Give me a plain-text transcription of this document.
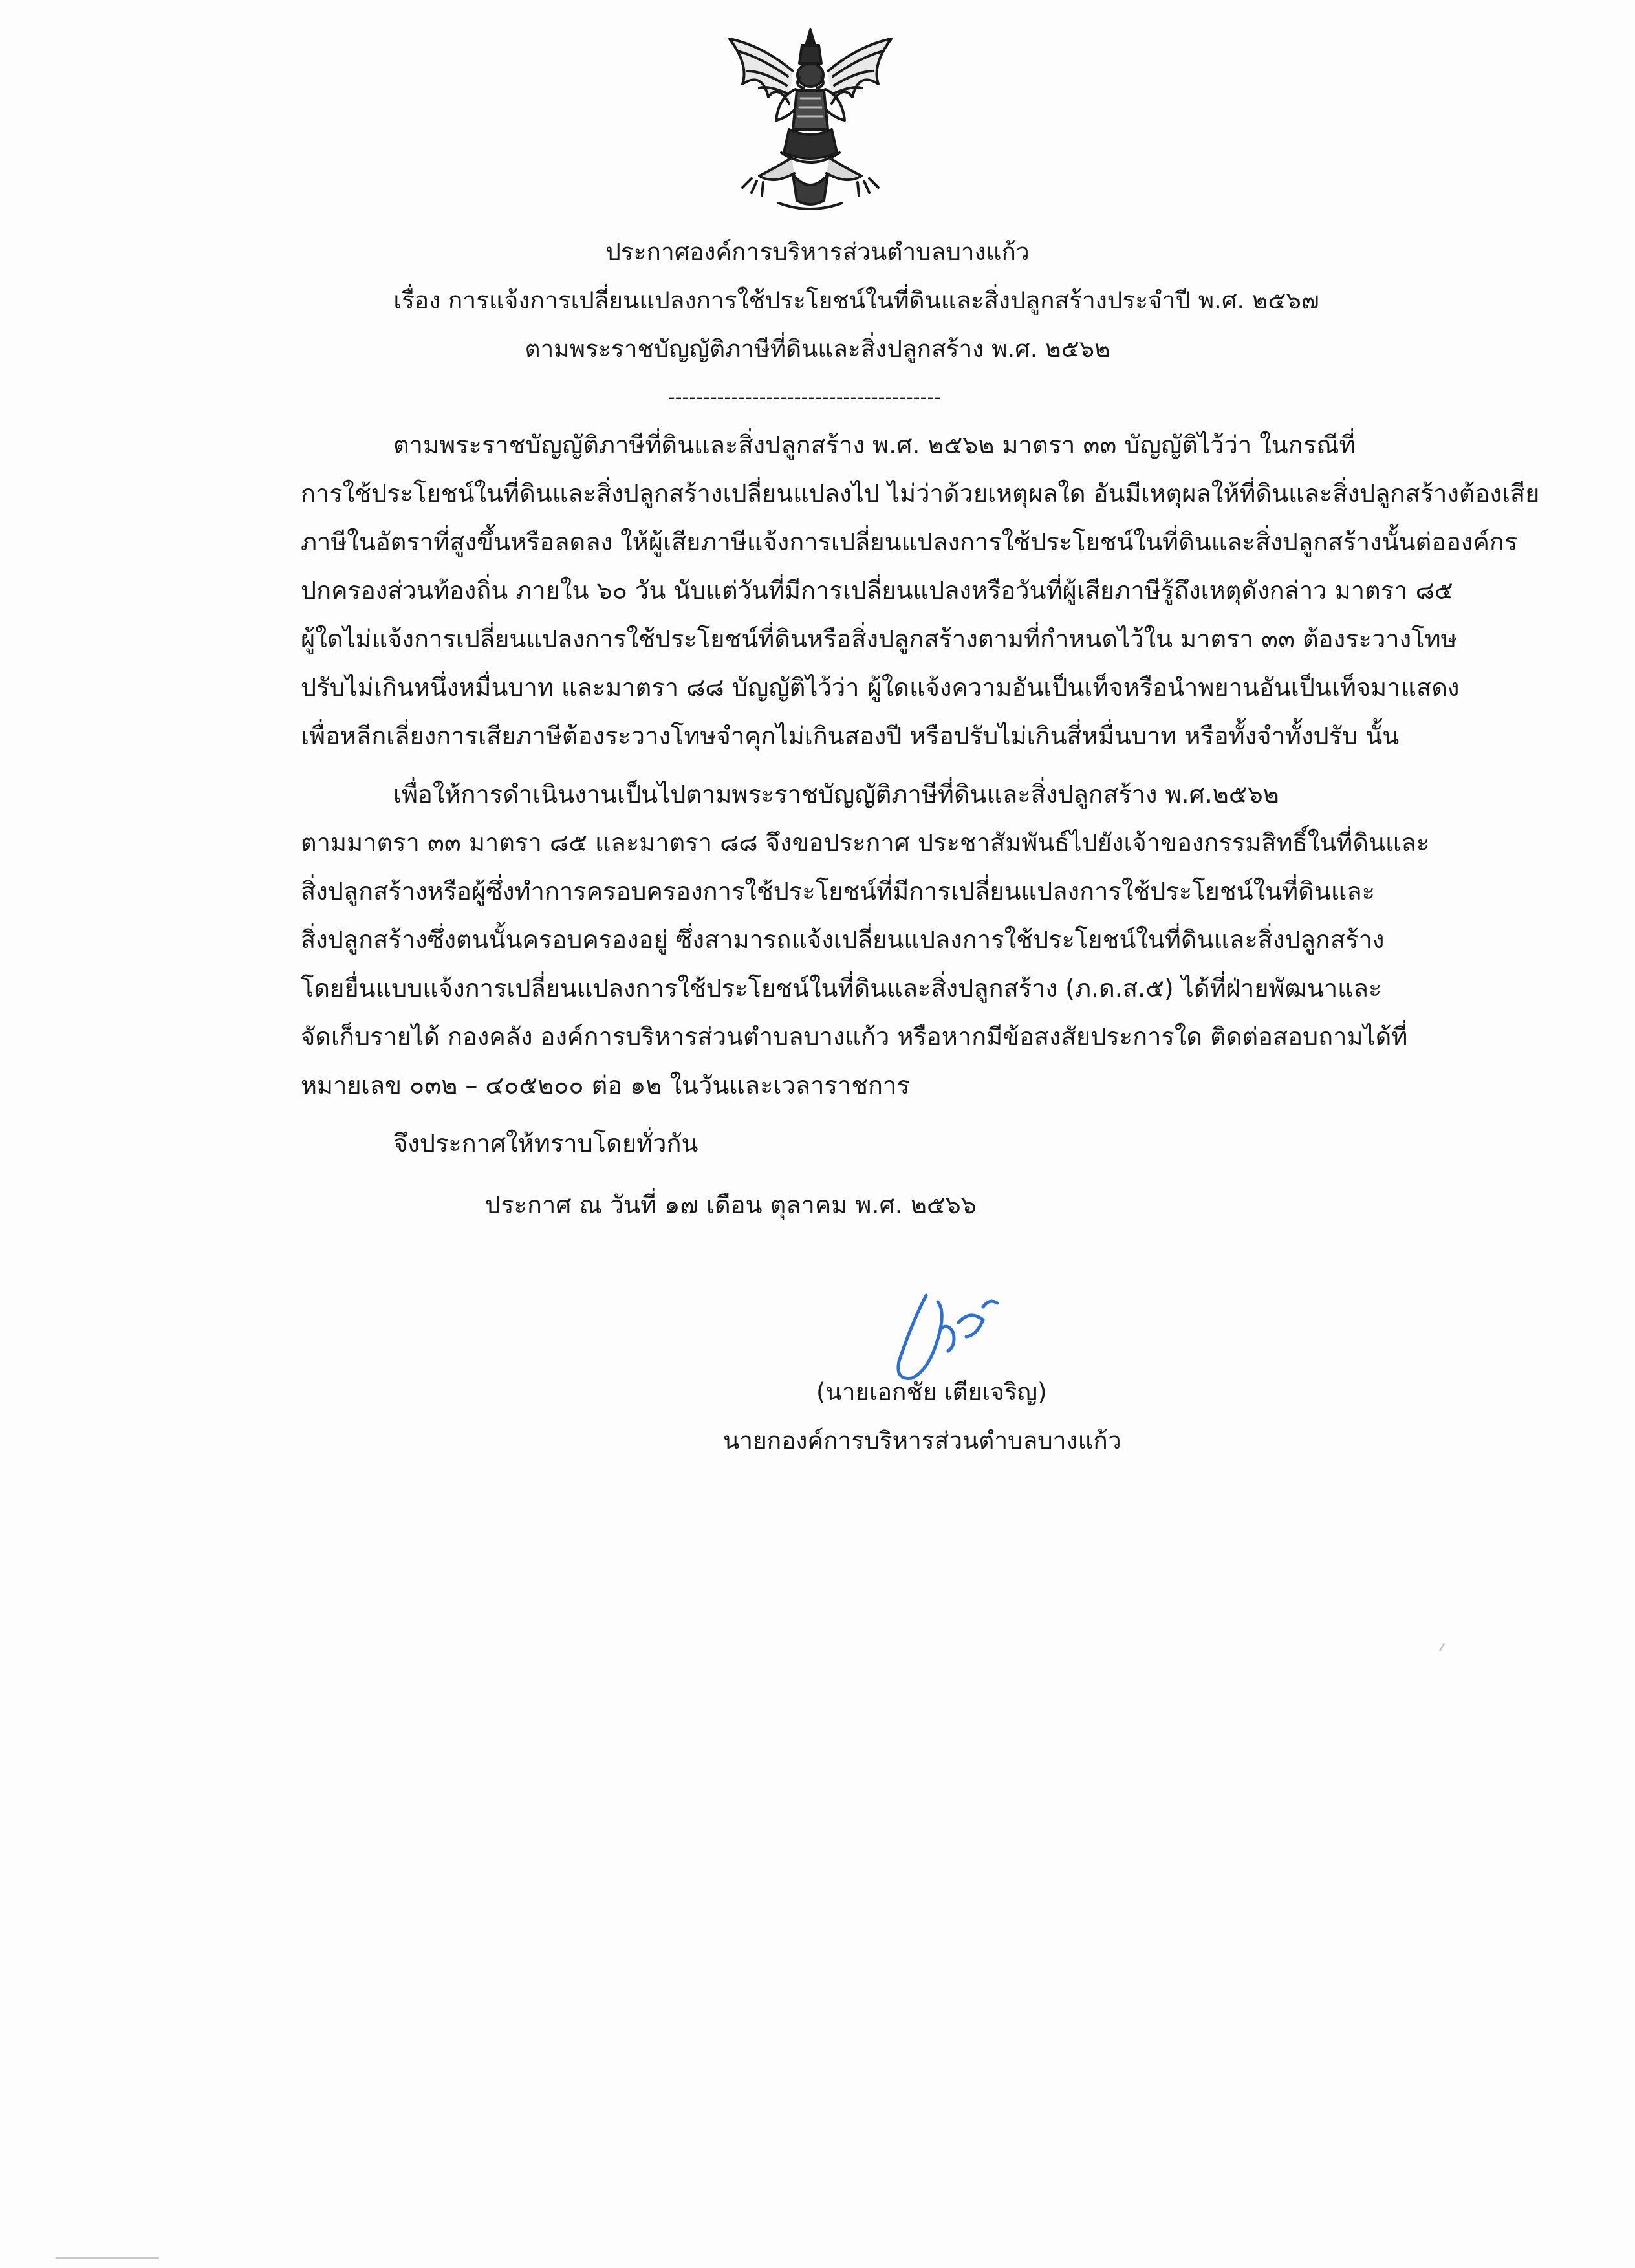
ประกาศองค์การบริหารส่วนตำบลบางแก้ว
เรื่อง การแจ้งการเปลี่ยนแปลงการใช้ประโยชน์ในที่ดินและสิ่งปลูกสร้างประจำปี พ.ศ. ๒๕๖๗
ตามพระราชบัญญัติภาษีที่ดินและสิ่งปลูกสร้าง พ.ศ. ๒๕๖๒
---------------------------------------
ตามพระราชบัญญัติภาษีที่ดินและสิ่งปลูกสร้าง พ.ศ. ๒๕๖๒ มาตรา ๓๓ บัญญัติไว้ว่า ในกรณีที่
การใช้ประโยชน์ในที่ดินและสิ่งปลูกสร้างเปลี่ยนแปลงไป ไม่ว่าด้วยเหตุผลใด อันมีเหตุผลให้ที่ดินและสิ่งปลูกสร้างต้องเสีย
ภาษีในอัตราที่สูงขึ้นหรือลดลง ให้ผู้เสียภาษีแจ้งการเปลี่ยนแปลงการใช้ประโยชน์ในที่ดินและสิ่งปลูกสร้างนั้นต่อองค์กร
ปกครองส่วนท้องถิ่น ภายใน ๖๐ วัน นับแต่วันที่มีการเปลี่ยนแปลงหรือวันที่ผู้เสียภาษีรู้ถึงเหตุดังกล่าว มาตรา ๘๕
ผู้ใดไม่แจ้งการเปลี่ยนแปลงการใช้ประโยชน์ที่ดินหรือสิ่งปลูกสร้างตามที่กำหนดไว้ใน มาตรา ๓๓ ต้องระวางโทษ
ปรับไม่เกินหนึ่งหมื่นบาท และมาตรา ๘๘ บัญญัติไว้ว่า ผู้ใดแจ้งความอันเป็นเท็จหรือนำพยานอันเป็นเท็จมาแสดง
เพื่อหลีกเลี่ยงการเสียภาษีต้องระวางโทษจำคุกไม่เกินสองปี หรือปรับไม่เกินสี่หมื่นบาท หรือทั้งจำทั้งปรับ นั้น
เพื่อให้การดำเนินงานเป็นไปตามพระราชบัญญัติภาษีที่ดินและสิ่งปลูกสร้าง พ.ศ.๒๕๖๒
ตามมาตรา ๓๓ มาตรา ๘๕ และมาตรา ๘๘ จึงขอประกาศ ประชาสัมพันธ์ไปยังเจ้าของกรรมสิทธิ์ในที่ดินและ
สิ่งปลูกสร้างหรือผู้ซึ่งทำการครอบครองการใช้ประโยชน์ที่มีการเปลี่ยนแปลงการใช้ประโยชน์ในที่ดินและ
สิ่งปลูกสร้างซึ่งตนนั้นครอบครองอยู่ ซึ่งสามารถแจ้งเปลี่ยนแปลงการใช้ประโยชน์ในที่ดินและสิ่งปลูกสร้าง
โดยยื่นแบบแจ้งการเปลี่ยนแปลงการใช้ประโยชน์ในที่ดินและสิ่งปลูกสร้าง (ภ.ด.ส.๕) ได้ที่ฝ่ายพัฒนาและ
จัดเก็บรายได้ กองคลัง องค์การบริหารส่วนตำบลบางแก้ว หรือหากมีข้อสงสัยประการใด ติดต่อสอบถามได้ที่
หมายเลข ๐๓๒ – ๔๐๕๒๐๐ ต่อ ๑๒ ในวันและเวลาราชการ
จึงประกาศให้ทราบโดยทั่วกัน
ประกาศ ณ วันที่ ๑๗ เดือน ตุลาคม พ.ศ. ๒๕๖๖
(นายเอกชัย เตียเจริญ)
นายกองค์การบริหารส่วนตำบลบางแก้ว
